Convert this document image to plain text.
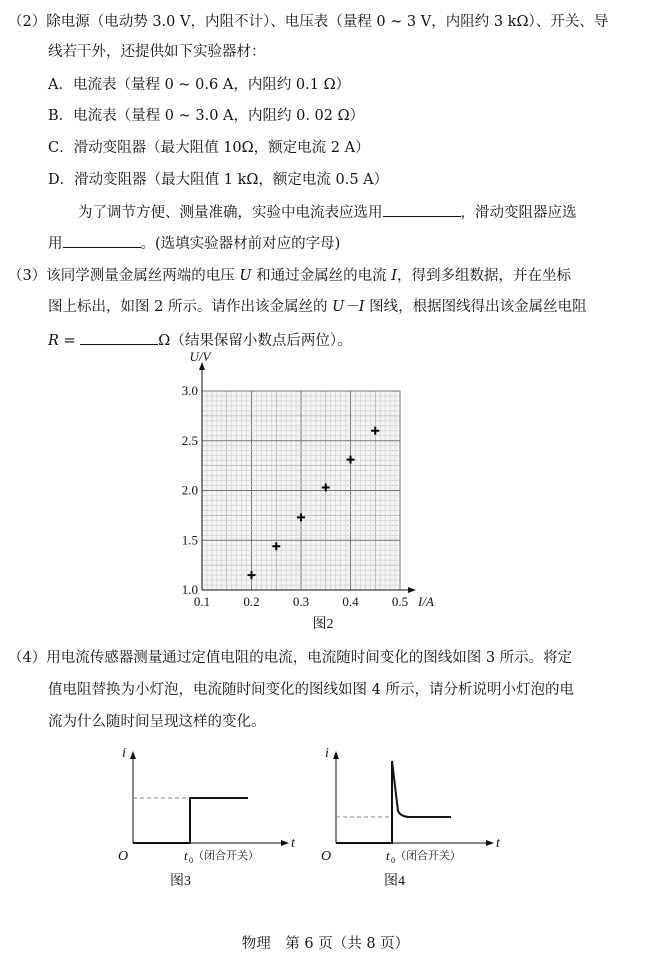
（2）除电源（电动势 3.0 V，内阻不计）、电压表（量程 0 ~ 3 V，内阻约 3 kΩ）、开关、导
线若干外，还提供如下实验器材：
A．电流表（量程 0 ~ 0.6 A，内阻约 0.1 Ω）
B．电流表（量程 0 ~ 3.0 A，内阻约 0. 02 Ω）
C．滑动变阻器（最大阻值 10Ω，额定电流 2 A）
D．滑动变阻器（最大阻值 1 kΩ，额定电流 0.5 A）
为了调节方便、测量准确，实验中电流表应选用	，滑动变阻器应选
用	。(选填实验器材前对应的字母)
（3）该同学测量金属丝两端的电压 U 和通过金属丝的电流 I，得到多组数据，并在坐标
图上标出，如图 2 所示。请作出该金属丝的 U－I 图线，根据图线得出该金属丝电阻
R =	Ω（结果保留小数点后两位）。
0.1	0.2	0.3	0.4	0.5
1.0
1.5
2.0
2.5
3.0
I/A
U/V
图2
（4）用电流传感器测量通过定值电阻的电流，电流随时间变化的图线如图 3 所示。将定
值电阻替换为小灯泡，电流随时间变化的图线如图 4 所示，请分析说明小灯泡的电
流为什么随时间呈现这样的变化。
i
t
O	t 0 （闭合开关）
图3
i
t
O	t 0 （闭合开关）
图4
物理　第 6 页（共 8 页）
